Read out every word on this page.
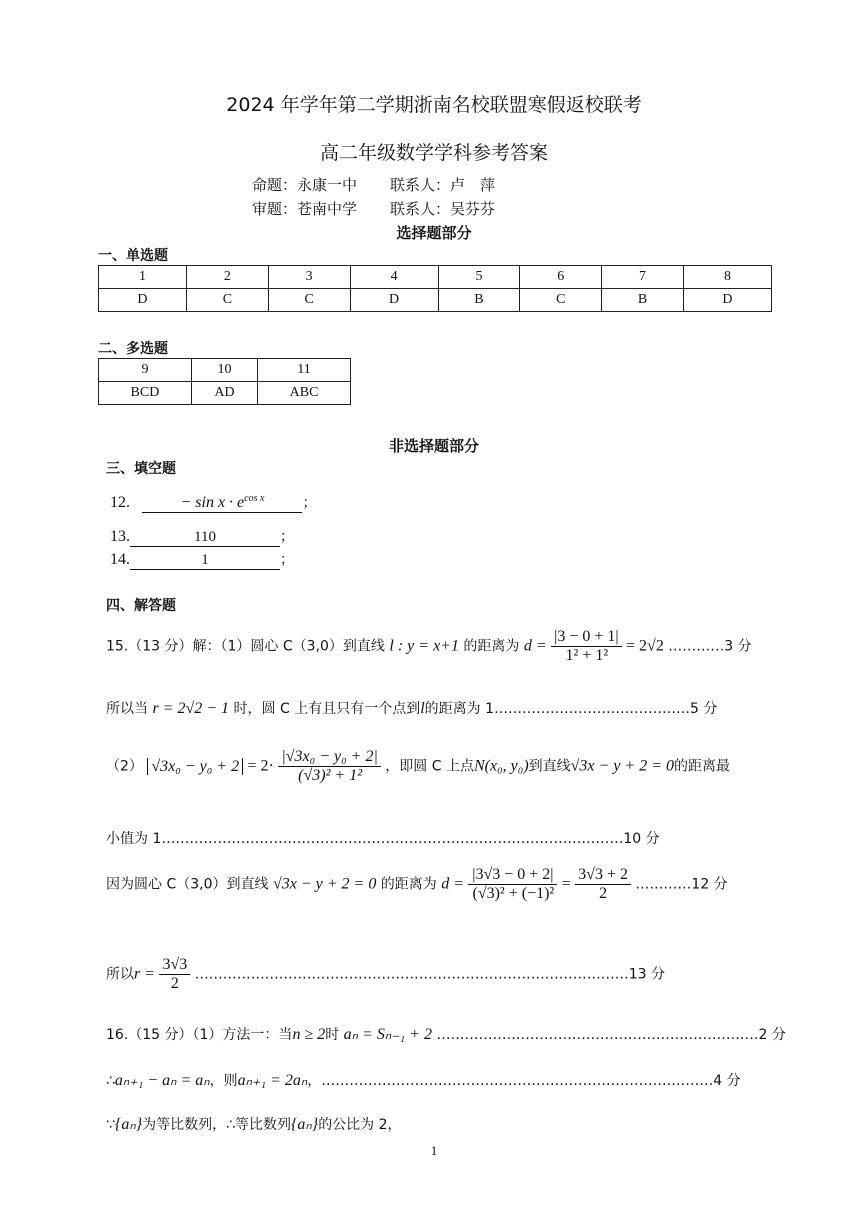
2024 年学年第二学期浙南名校联盟寒假返校联考
高二年级数学学科参考答案
命题：永康一中 联系人：卢　萍
审题：苍南中学 联系人：吴芬芬
选择题部分
一、单选题
1	2	3	4	5	6	7	8
D	C	C	D	B	C	B	D
二、多选题
9	10	11
BCD	AD	ABC
非选择题部分
三、填空题
12.	− $\sin x \cdot e^{cos x}$	；
13.	110	；
14.	1	；
四、解答题
15.（13 分）解：（1）圆心 C（3,0）到直线 l : y = x+1 的距离为 $d = \frac{|3 - 0 + 1|}{\text{1² + 1²}} = 2√2$ …………3 分
所以当 r = 2√2 − 1 时，圆 C 上有且只有一个点到l的距离为 1……………………………………5 分
（2） $√3x_0 - y_0 + 2 = 2\cdot \frac{\text{|√3x₀ − y₀ + 2|}}{\text{(√3)² + 1²}}$ ，即圆 C 上点N(x₀, y₀)到直线√3x − y + 2 = 0的距离最
小值为 1………………………………………………………………………………………10 分
因为圆心 C（3,0）到直线 √3x − y + 2 = 0 的距离为 $d = \frac{|3√3 - 0 + 2|}{\text{(√3)² + (−1)²}} = \frac{3√3 + 2}{2}$ …………12 分
所以$r = \frac{3√3}{2}$ …………………………………………………………………………………13 分
16.（15 分）（1）方法一：当n ≥ 2时 aₙ = Sₙ₋₁ + 2 ……………………………………………………………2 分
∴aₙ₊₁ − aₙ = aₙ，则aₙ₊₁ = 2aₙ，…………………………………………………………………………4 分
∵{aₙ}为等比数列，∴等比数列{aₙ}的公比为 2，
1
